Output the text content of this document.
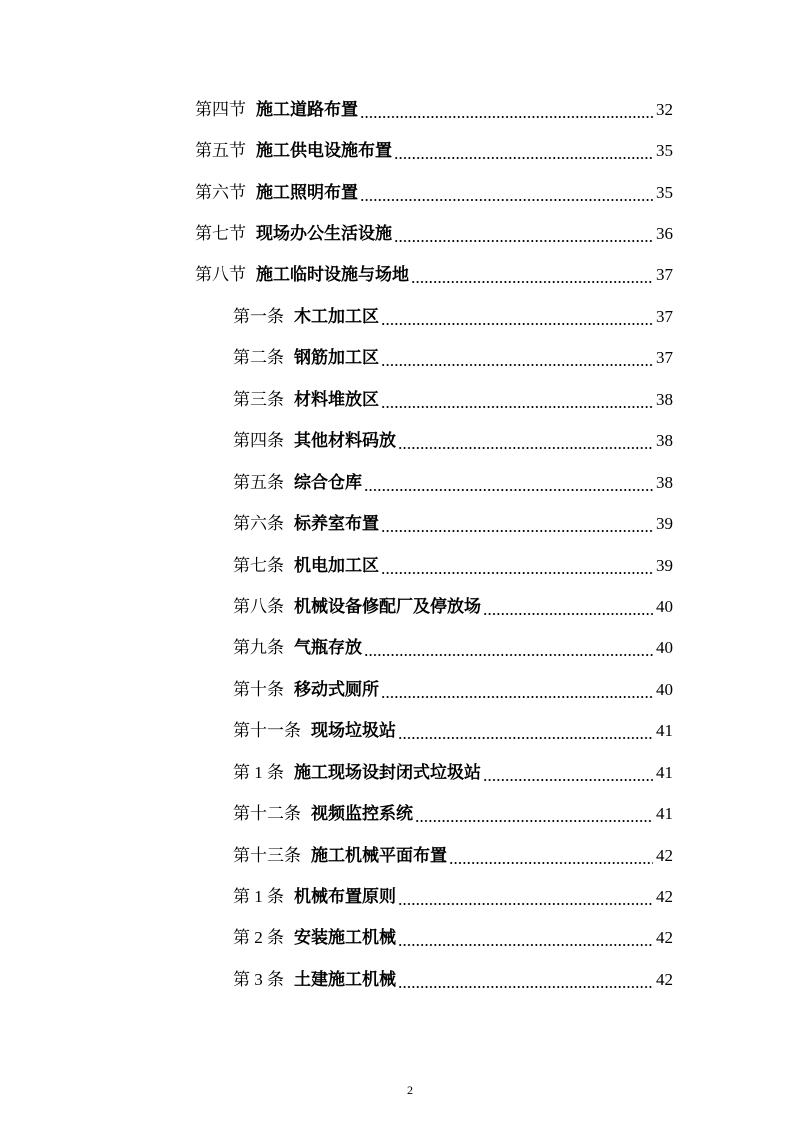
第四节 施工道路布置	32
第五节 施工供电设施布置	35
第六节 施工照明布置	35
第七节 现场办公生活设施	36
第八节 施工临时设施与场地	37
第一条 木工加工区	37
第二条 钢筋加工区	37
第三条 材料堆放区	38
第四条 其他材料码放	38
第五条 综合仓库	38
第六条 标养室布置	39
第七条 机电加工区	39
第八条 机械设备修配厂及停放场	40
第九条 气瓶存放	40
第十条 移动式厕所	40
第十一条 现场垃圾站	41
第 1 条 施工现场设封闭式垃圾站	41
第十二条 视频监控系统	41
第十三条 施工机械平面布置	42
第 1 条 机械布置原则	42
第 2 条 安装施工机械	42
第 3 条 土建施工机械	42
2
